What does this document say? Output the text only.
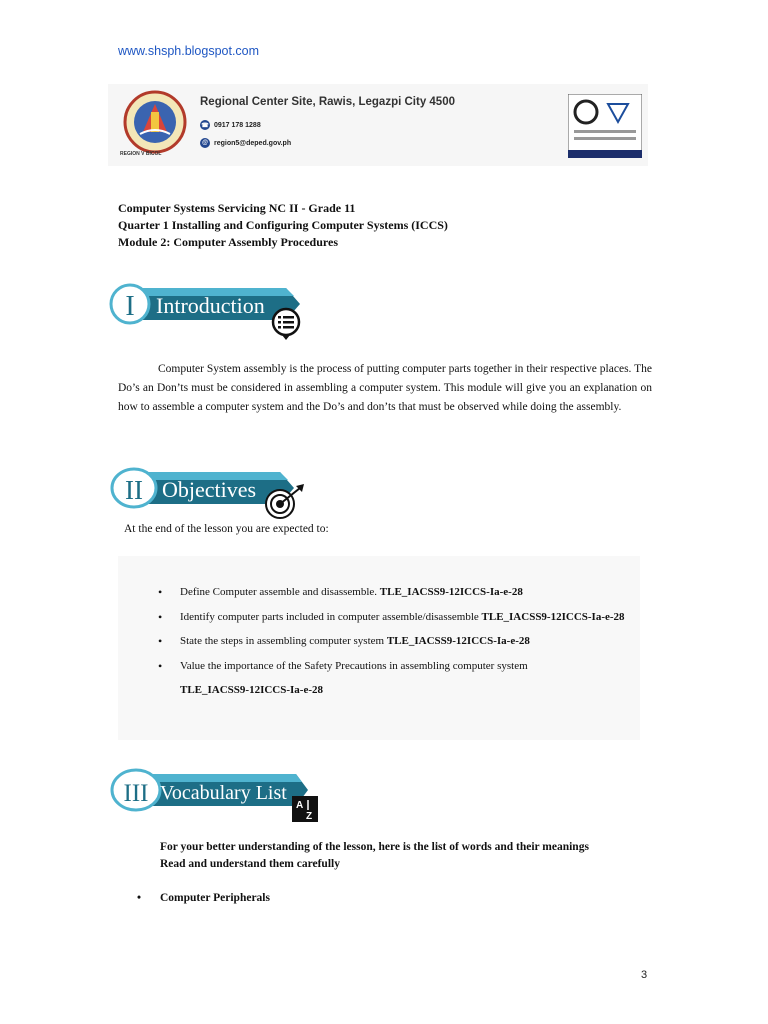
www.shsph.blogspot.com
REGION V BICOL
Regional Center Site, Rawis, Legazpi City 4500
☎ 0917 178 1288
@ region5@deped.gov.ph
Computer Systems Servicing NC II - Grade 11
Quarter 1 Installing and Configuring Computer Systems (ICCS)
Module 2: Computer Assembly Procedures
I Introduction
Computer System assembly is the process of putting computer parts together in their respective places. The Do’s an Don’ts must be considered in assembling a computer system. This module will give you an explanation on how to assemble a computer system and the Do’s and don’ts that must be observed while doing the assembly.
II Objectives
At the end of the lesson you are expected to:
• Define Computer assemble and disassemble. TLE_IACSS9-12ICCS-Ia-e-28
• Identify computer parts included in computer assemble/disassemble TLE_IACSS9-12ICCS-Ia-e-28
• State the steps in assembling computer system TLE_IACSS9-12ICCS-Ia-e-28
• Value the importance of the Safety Precautions in assembling computer system
TLE_IACSS9-12ICCS-Ia-e-28
III Vocabulary List
A
Z
For your better understanding of the lesson, here is the list of words and their meanings
Read and understand them carefully
• Computer Peripherals
3
